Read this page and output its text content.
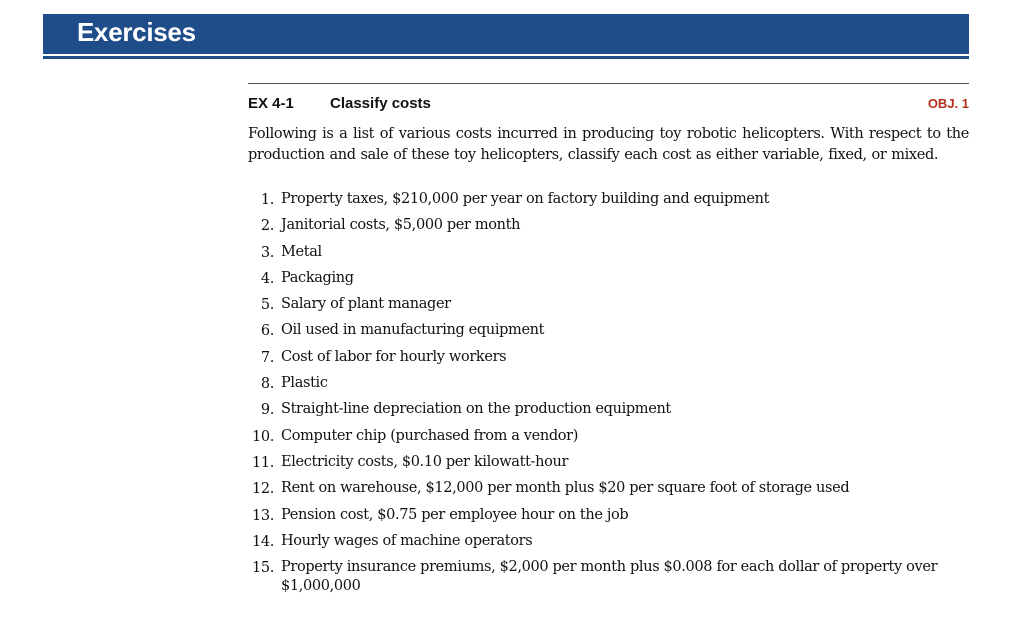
Exercises
EX 4-1 Classify costs	OBJ. 1
Following is a list of various costs incurred in producing toy robotic helicopters. With respect to the production and sale of these toy helicopters, classify each cost as either variable, fixed, or mixed.
1. Property taxes, $210,000 per year on factory building and equipment
2. Janitorial costs, $5,000 per month
3. Metal
4. Packaging
5. Salary of plant manager
6. Oil used in manufacturing equipment
7. Cost of labor for hourly workers
8. Plastic
9. Straight-line depreciation on the production equipment
10. Computer chip (purchased from a vendor)
11. Electricity costs, $0.10 per kilowatt-hour
12. Rent on warehouse, $12,000 per month plus $20 per square foot of storage used
13. Pension cost, $0.75 per employee hour on the job
14. Hourly wages of machine operators
15. Property insurance premiums, $2,000 per month plus $0.008 for each dollar of property over $1,000,000
